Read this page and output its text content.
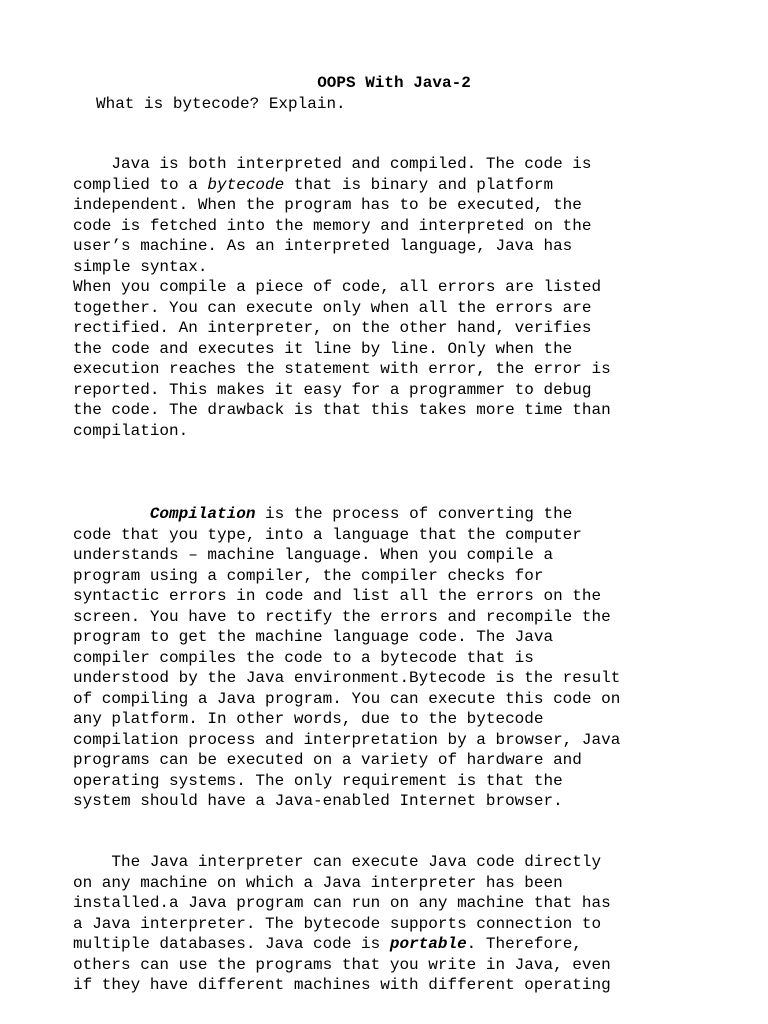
OOPS With Java-2
What is bytecode? Explain.
Java is both interpreted and compiled. The code is
complied to a bytecode that is binary and platform
independent. When the program has to be executed, the
code is fetched into the memory and interpreted on the
user’s machine. As an interpreted language, Java has
simple syntax.
When you compile a piece of code, all errors are listed
together. You can execute only when all the errors are
rectified. An interpreter, on the other hand, verifies
the code and executes it line by line. Only when the
execution reaches the statement with error, the error is
reported. This makes it easy for a programmer to debug
the code. The drawback is that this takes more time than
compilation.
Compilation is the process of converting the
code that you type, into a language that the computer
understands – machine language. When you compile a
program using a compiler, the compiler checks for
syntactic errors in code and list all the errors on the
screen. You have to rectify the errors and recompile the
program to get the machine language code. The Java
compiler compiles the code to a bytecode that is
understood by the Java environment.Bytecode is the result
of compiling a Java program. You can execute this code on
any platform. In other words, due to the bytecode
compilation process and interpretation by a browser, Java
programs can be executed on a variety of hardware and
operating systems. The only requirement is that the
system should have a Java-enabled Internet browser.
The Java interpreter can execute Java code directly
on any machine on which a Java interpreter has been
installed.a Java program can run on any machine that has
a Java interpreter. The bytecode supports connection to
multiple databases. Java code is portable. Therefore,
others can use the programs that you write in Java, even
if they have different machines with different operating
